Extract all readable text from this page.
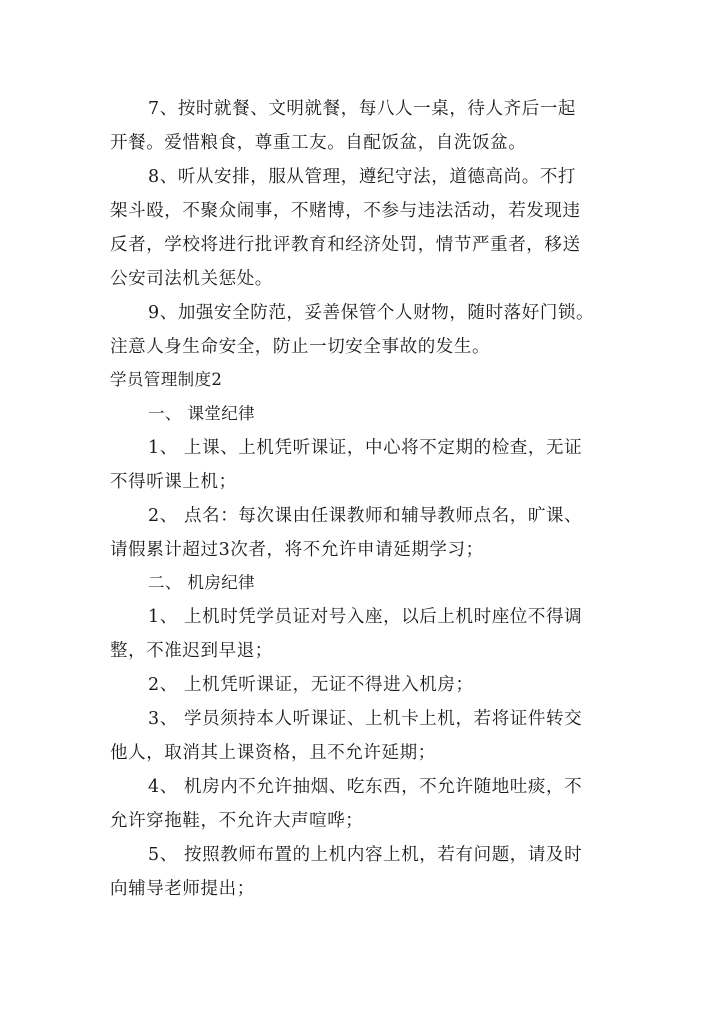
7、按时就餐、文明就餐，每八人一桌，待人齐后一起
开餐。爱惜粮食，尊重工友。自配饭盆，自洗饭盆。
8、听从安排，服从管理，遵纪守法，道德高尚。不打
架斗殴，不聚众闹事，不赌博，不参与违法活动，若发现违
反者，学校将进行批评教育和经济处罚，情节严重者，移送
公安司法机关惩处。
9、加强安全防范，妥善保管个人财物，随时落好门锁。
注意人身生命安全，防止一切安全事故的发生。
学员管理制度2
一、 课堂纪律
1、 上课、上机凭听课证，中心将不定期的检查，无证
不得听课上机；
2、 点名：每次课由任课教师和辅导教师点名，旷课、
请假累计超过3次者，将不允许申请延期学习；
二、 机房纪律
1、 上机时凭学员证对号入座，以后上机时座位不得调
整，不准迟到早退；
2、 上机凭听课证，无证不得进入机房；
3、 学员须持本人听课证、上机卡上机，若将证件转交
他人，取消其上课资格，且不允许延期；
4、 机房内不允许抽烟、吃东西，不允许随地吐痰，不
允许穿拖鞋，不允许大声喧哗；
5、 按照教师布置的上机内容上机，若有问题，请及时
向辅导老师提出；
